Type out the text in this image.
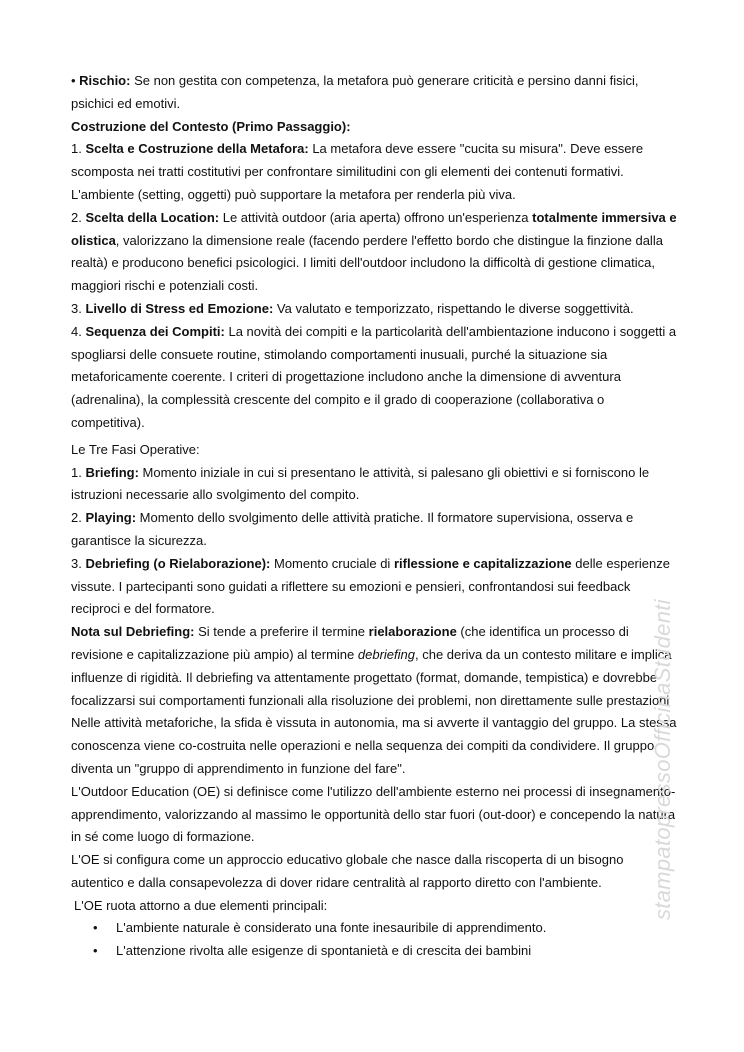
• Rischio: Se non gestita con competenza, la metafora può generare criticità e persino danni fisici, psichici ed emotivi.

Costruzione del Contesto (Primo Passaggio):

1. Scelta e Costruzione della Metafora: La metafora deve essere "cucita su misura". Deve essere scomposta nei tratti costitutivi per confrontare similitudini con gli elementi dei contenuti formativi. L'ambiente (setting, oggetti) può supportare la metafora per renderla più viva.

2. Scelta della Location: Le attività outdoor (aria aperta) offrono un'esperienza totalmente immersiva e olistica, valorizzano la dimensione reale (facendo perdere l'effetto bordo che distingue la finzione dalla realtà) e producono benefici psicologici. I limiti dell'outdoor includono la difficoltà di gestione climatica, maggiori rischi e potenziali costi.

3. Livello di Stress ed Emozione: Va valutato e temporizzato, rispettando le diverse soggettività.

4. Sequenza dei Compiti: La novità dei compiti e la particolarità dell'ambientazione inducono i soggetti a spogliarsi delle consuete routine, stimolando comportamenti inusuali, purché la situazione sia metaforicamente coerente. I criteri di progettazione includono anche la dimensione di avventura (adrenalina), la complessità crescente del compito e il grado di cooperazione (collaborativa o competitiva).

Le Tre Fasi Operative:

1. Briefing: Momento iniziale in cui si presentano le attività, si palesano gli obiettivi e si forniscono le istruzioni necessarie allo svolgimento del compito.

2. Playing: Momento dello svolgimento delle attività pratiche. Il formatore supervisiona, osserva e garantisce la sicurezza.

3. Debriefing (o Rielaborazione): Momento cruciale di riflessione e capitalizzazione delle esperienze vissute. I partecipanti sono guidati a riflettere su emozioni e pensieri, confrontandosi sui feedback reciproci e del formatore.

Nota sul Debriefing: Si tende a preferire il termine rielaborazione (che identifica un processo di revisione e capitalizzazione più ampio) al termine debriefing, che deriva da un contesto militare e implica influenze di rigidità. Il debriefing va attentamente progettato (format, domande, tempistica) e dovrebbe focalizzarsi sui comportamenti funzionali alla risoluzione dei problemi, non direttamente sulle prestazioni

Nelle attività metaforiche, la sfida è vissuta in autonomia, ma si avverte il vantaggio del gruppo. La stessa conoscenza viene co-costruita nelle operazioni e nella sequenza dei compiti da condividere. Il gruppo diventa un "gruppo di apprendimento in funzione del fare".

L'Outdoor Education (OE) si definisce come l'utilizzo dell'ambiente esterno nei processi di insegnamento-apprendimento, valorizzando al massimo le opportunità dello star fuori (out-door) e concependo la natura in sé come luogo di formazione.

L'OE si configura come un approccio educativo globale che nasce dalla riscoperta di un bisogno autentico e dalla consapevolezza di dover ridare centralità al rapporto diretto con l'ambiente.

L'OE ruota attorno a due elementi principali:

• L'ambiente naturale è considerato una fonte inesauribile di apprendimento.

• L'attenzione rivolta alle esigenze di spontanietà e di crescita dei bambini

stampatopressoOfficinaStudenti
